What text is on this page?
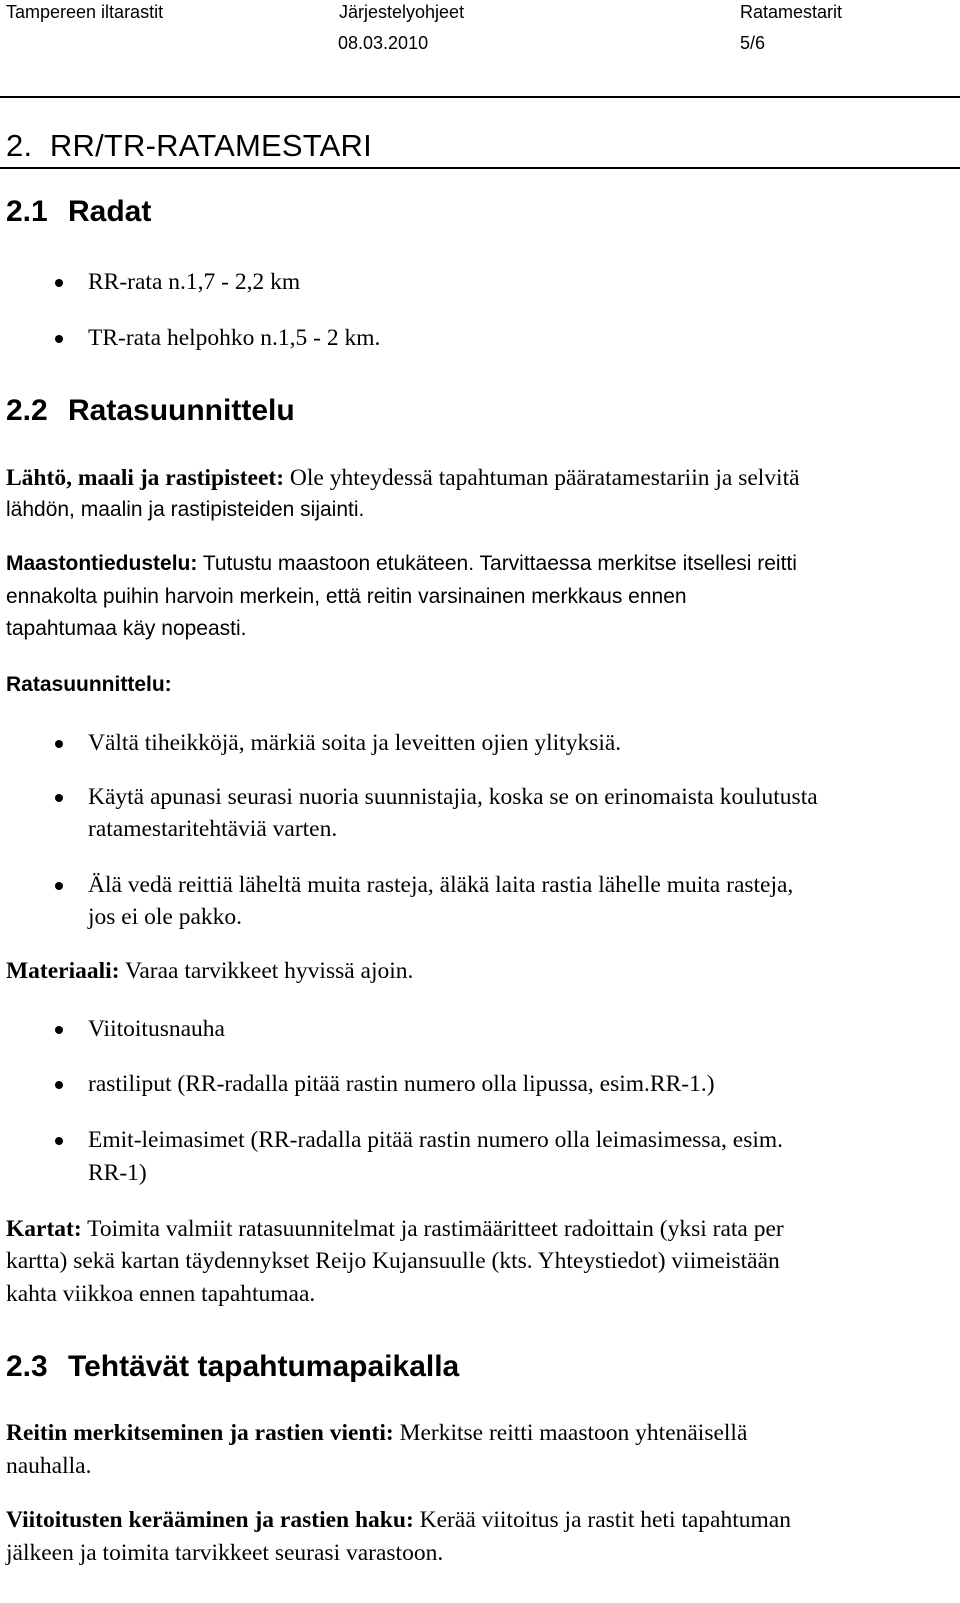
Tampereen iltarastit	Järjestelyohjeet	Ratamestarit
08.03.2010	5/6
2. RR/TR-RATAMESTARI
2.1 Radat
RR-rata n.1,7 - 2,2 km
TR-rata helpohko n.1,5 - 2 km.
2.2 Ratasuunnittelu
Lähtö, maali ja rastipisteet: Ole yhteydessä tapahtuman pääratamestariin ja selvitä
lähdön, maalin ja rastipisteiden sijainti.
Maastontiedustelu: Tutustu maastoon etukäteen. Tarvittaessa merkitse itsellesi reitti
ennakolta puihin harvoin merkein, että reitin varsinainen merkkaus ennen
tapahtumaa käy nopeasti.
Ratasuunnittelu:
Vältä tiheikköjä, märkiä soita ja leveitten ojien ylityksiä.
Käytä apunasi seurasi nuoria suunnistajia, koska se on erinomaista koulutusta
ratamestaritehtäviä varten.
Älä vedä reittiä läheltä muita rasteja, äläkä laita rastia lähelle muita rasteja,
jos ei ole pakko.
Materiaali: Varaa tarvikkeet hyvissä ajoin.
Viitoitusnauha
rastiliput (RR-radalla pitää rastin numero olla lipussa, esim.RR-1.)
Emit-leimasimet (RR-radalla pitää rastin numero olla leimasimessa, esim.
RR-1)
Kartat: Toimita valmiit ratasuunnitelmat ja rastimääritteet radoittain (yksi rata per
kartta) sekä kartan täydennykset Reijo Kujansuulle (kts. Yhteystiedot) viimeistään
kahta viikkoa ennen tapahtumaa.
2.3 Tehtävät tapahtumapaikalla
Reitin merkitseminen ja rastien vienti: Merkitse reitti maastoon yhtenäisellä
nauhalla.
Viitoitusten kerääminen ja rastien haku: Kerää viitoitus ja rastit heti tapahtuman
jälkeen ja toimita tarvikkeet seurasi varastoon.
